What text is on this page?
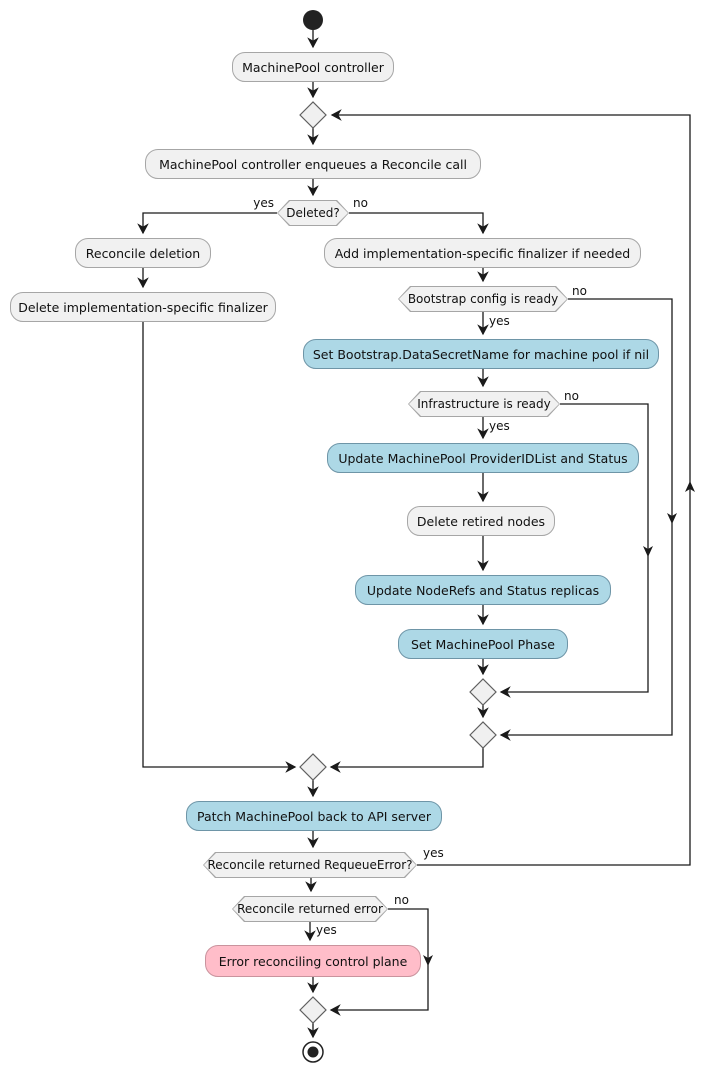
MachinePool controller
MachinePool controller enqueues a Reconcile call
Reconcile deletion
Delete implementation-specific finalizer
Add implementation-specific finalizer if needed
Set Bootstrap.DataSecretName for machine pool if nil
Update MachinePool ProviderIDList and Status
Delete retired nodes
Update NodeRefs and Status replicas
Set MachinePool Phase
Patch MachinePool back to API server
Error reconciling control plane
Deleted?
Bootstrap config is ready
Infrastructure is ready
Reconcile returned RequeueError?
Reconcile returned error
yes	no
no
yes
no
yes
yes
no
yes
